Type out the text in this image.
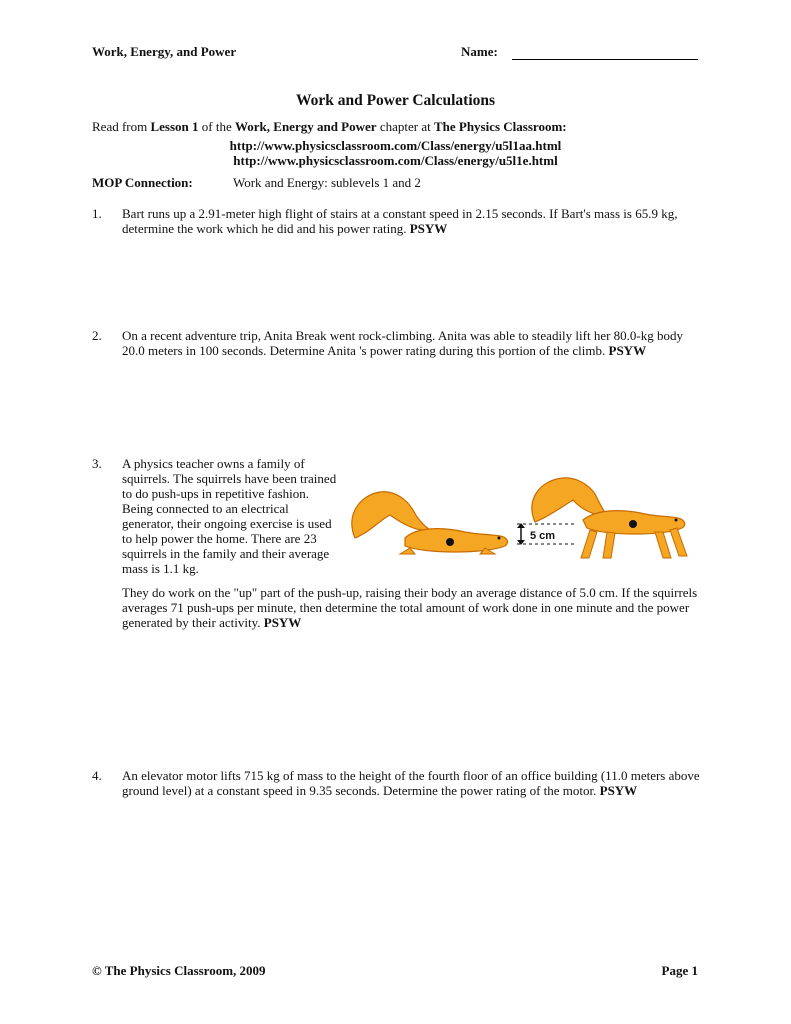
Work, Energy, and Power	Name:
Work and Power Calculations
Read from Lesson 1 of the Work, Energy and Power chapter at The Physics Classroom:
http://www.physicsclassroom.com/Class/energy/u5l1aa.html
http://www.physicsclassroom.com/Class/energy/u5l1e.html
MOP Connection:	Work and Energy: sublevels 1 and 2
1. Bart runs up a 2.91-meter high flight of stairs at a constant speed in 2.15 seconds. If Bart's mass is 65.9 kg, determine the work which he did and his power rating. PSYW
2. On a recent adventure trip, Anita Break went rock-climbing. Anita was able to steadily lift her 80.0-kg body 20.0 meters in 100 seconds. Determine Anita 's power rating during this portion of the climb. PSYW
3. A physics teacher owns a family of squirrels. The squirrels have been trained to do push-ups in repetitive fashion. Being connected to an electrical generator, their ongoing exercise is used to help power the home. There are 23 squirrels in the family and their average mass is 1.1 kg.
They do work on the "up" part of the push-up, raising their body an average distance of 5.0 cm. If the squirrels averages 71 push-ups per minute, then determine the total amount of work done in one minute and the power generated by their activity. PSYW
5 cm
4. An elevator motor lifts 715 kg of mass to the height of the fourth floor of an office building (11.0 meters above ground level) at a constant speed in 9.35 seconds. Determine the power rating of the motor. PSYW
© The Physics Classroom, 2009	Page 1
